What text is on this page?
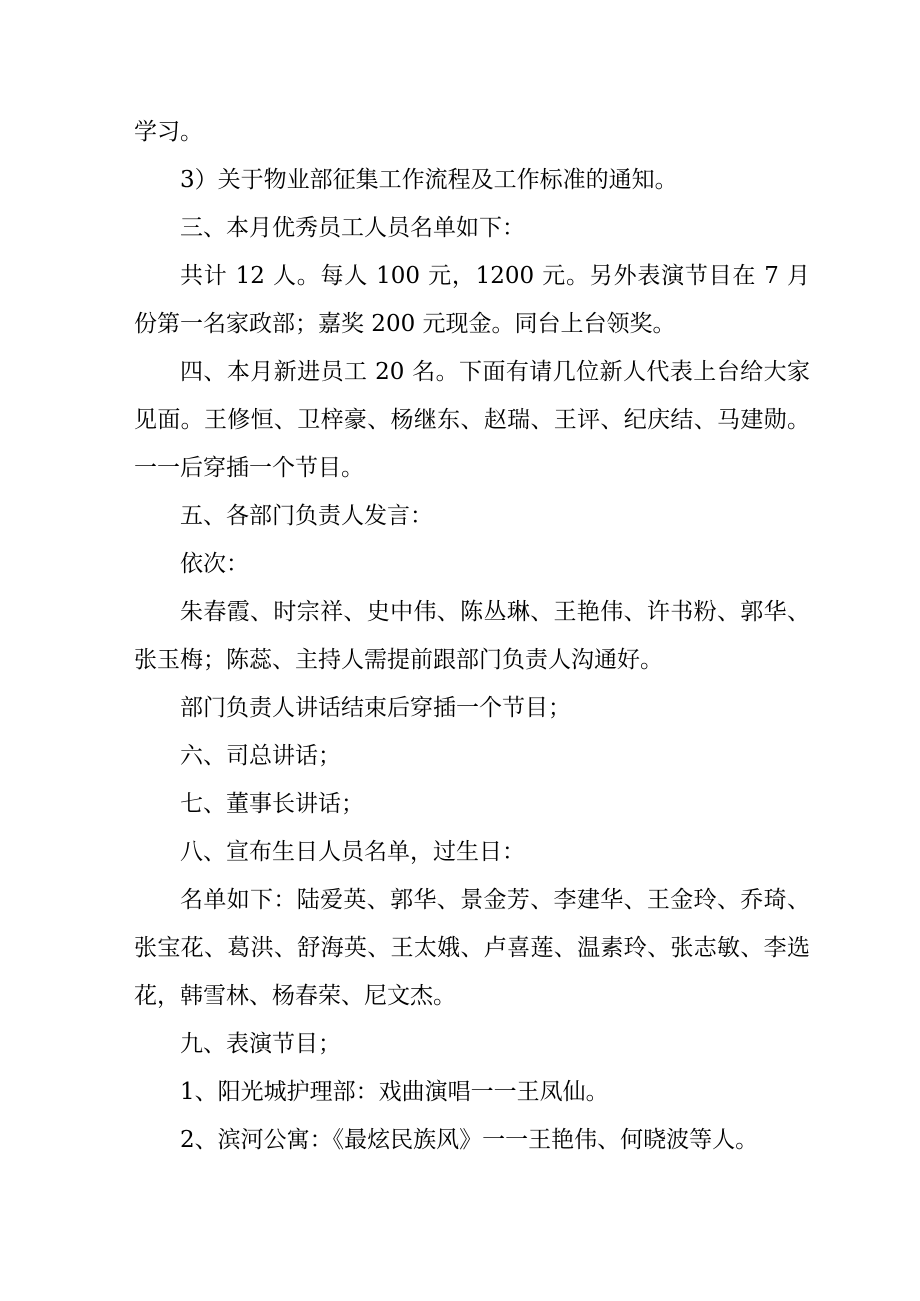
学习。

3）关于物业部征集工作流程及工作标准的通知。

三、本月优秀员工人员名单如下：

共计 12 人。每人 100 元，1200 元。另外表演节目在 7 月份第一名家政部；嘉奖 200 元现金。同台上台领奖。

四、本月新进员工 20 名。下面有请几位新人代表上台给大家见面。王修恒、卫梓豪、杨继东、赵瑞、王评、纪庆结、马建勋。一一后穿插一个节目。

五、各部门负责人发言：

依次：

朱春霞、时宗祥、史中伟、陈丛琳、王艳伟、许书粉、郭华、张玉梅；陈蕊、主持人需提前跟部门负责人沟通好。

部门负责人讲话结束后穿插一个节目；

六、司总讲话；

七、董事长讲话；

八、宣布生日人员名单，过生日：

名单如下：陆爱英、郭华、景金芳、李建华、王金玲、乔琦、张宝花、葛洪、舒海英、王太娥、卢喜莲、温素玲、张志敏、李选花，韩雪林、杨春荣、尼文杰。

九、表演节目；

1、阳光城护理部：戏曲演唱一一王凤仙。

2、滨河公寓：《最炫民族风》一一王艳伟、何晓波等人。
